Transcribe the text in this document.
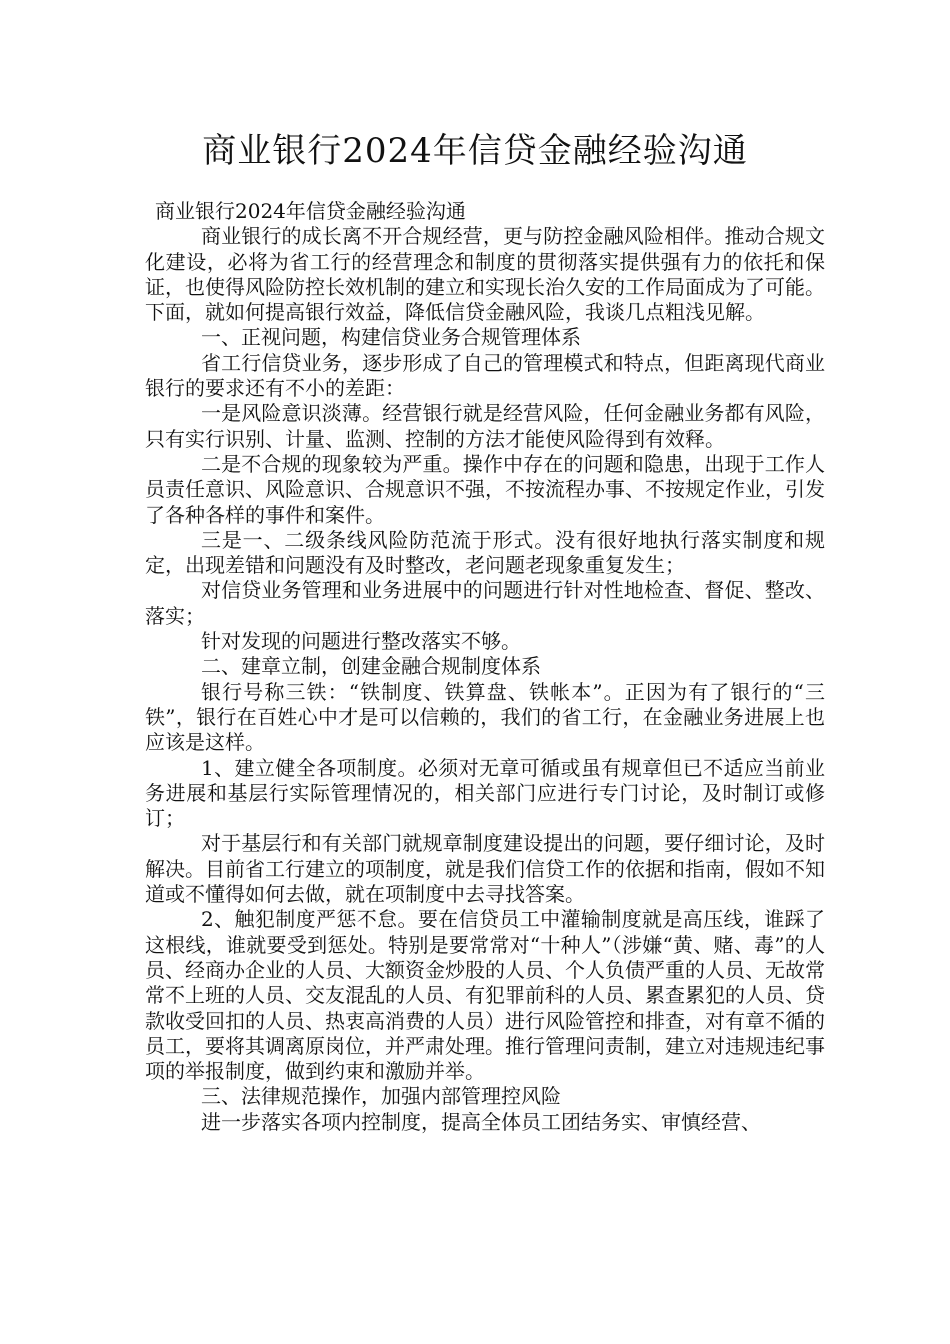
商业银行2024年信贷金融经验沟通

商业银行2024年信贷金融经验沟通

商业银行的成长离不开合规经营，更与防控金融风险相伴。推动合规文化建设，必将为省工行的经营理念和制度的贯彻落实提供强有力的依托和保证，也使得风险防控长效机制的建立和实现长治久安的工作局面成为了可能。下面，就如何提高银行效益，降低信贷金融风险，我谈几点粗浅见解。

一、正视问题，构建信贷业务合规管理体系

省工行信贷业务，逐步形成了自己的管理模式和特点，但距离现代商业银行的要求还有不小的差距：

一是风险意识淡薄。经营银行就是经营风险，任何金融业务都有风险，只有实行识别、计量、监测、控制的方法才能使风险得到有效释。

二是不合规的现象较为严重。操作中存在的问题和隐患，出现于工作人员责任意识、风险意识、合规意识不强，不按流程办事、不按规定作业，引发了各种各样的事件和案件。

三是一、二级条线风险防范流于形式。没有很好地执行落实制度和规定，出现差错和问题没有及时整改，老问题老现象重复发生；

对信贷业务管理和业务进展中的问题进行针对性地检查、督促、整改、落实；

针对发现的问题进行整改落实不够。

二、建章立制，创建金融合规制度体系

银行号称三铁：“铁制度、铁算盘、铁帐本”。正因为有了银行的“三铁”，银行在百姓心中才是可以信赖的，我们的省工行，在金融业务进展上也应该是这样。

1、建立健全各项制度。必须对无章可循或虽有规章但已不适应当前业务进展和基层行实际管理情况的，相关部门应进行专门讨论，及时制订或修订；

对于基层行和有关部门就规章制度建设提出的问题，要仔细讨论，及时解决。目前省工行建立的项制度，就是我们信贷工作的依据和指南，假如不知道或不懂得如何去做，就在项制度中去寻找答案。

2、触犯制度严惩不怠。要在信贷员工中灌输制度就是高压线，谁踩了这根线，谁就要受到惩处。特别是要常常对“十种人”（涉嫌“黄、赌、毒”的人员、经商办企业的人员、大额资金炒股的人员、个人负债严重的人员、无故常常不上班的人员、交友混乱的人员、有犯罪前科的人员、累查累犯的人员、贷款收受回扣的人员、热衷高消费的人员）进行风险管控和排查，对有章不循的员工，要将其调离原岗位，并严肃处理。推行管理问责制，建立对违规违纪事项的举报制度，做到约束和激励并举。

三、法律规范操作，加强内部管理控风险

进一步落实各项内控制度，提高全体员工团结务实、审慎经营、
